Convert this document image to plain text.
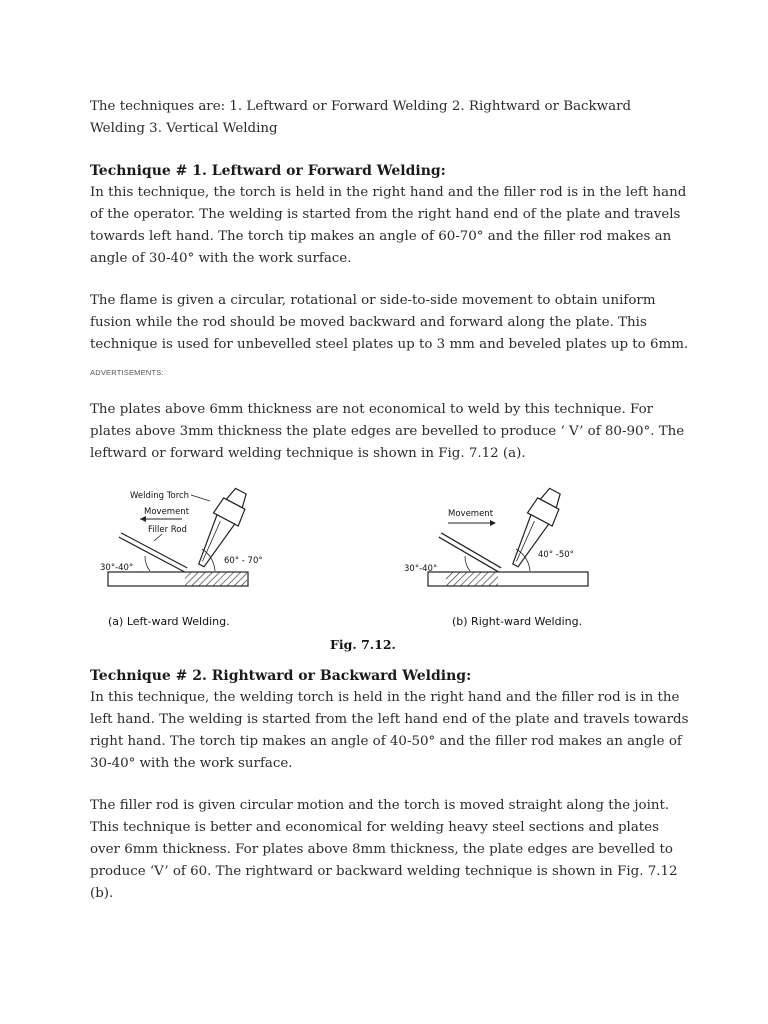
The techniques are: 1. Leftward or Forward Welding 2. Rightward or Backward Welding 3. Vertical Welding

Technique # 1. Leftward or Forward Welding:

In this technique, the torch is held in the right hand and the filler rod is in the left hand of the operator. The welding is started from the right hand end of the plate and travels towards left hand. The torch tip makes an angle of 60-70° and the filler rod makes an angle of 30-40° with the work surface.

The flame is given a circular, rotational or side-to-side movement to obtain uniform fusion while the rod should be moved backward and forward along the plate. This technique is used for unbevelled steel plates up to 3 mm and beveled plates up to 6mm.

ADVERTISEMENTS:

The plates above 6mm thickness are not economical to weld by this technique. For plates above 3mm thickness the plate edges are bevelled to produce ‘ V’ of 80-90°. The leftward or forward welding technique is shown in Fig. 7.12 (a).

Welding Torch
Movement
Filler Rod
60° - 70°
30°-40°
Movement
40° -50°
30°-40°
(a) Left-ward Welding.	(b) Right-ward Welding.
Fig. 7.12.
Technique # 2. Rightward or Backward Welding:

In this technique, the welding torch is held in the right hand and the filler rod is in the left hand. The welding is started from the left hand end of the plate and travels towards right hand. The torch tip makes an angle of 40-50° and the filler rod makes an angle of 30-40° with the work surface.

The filler rod is given circular motion and the torch is moved straight along the joint. This technique is better and economical for welding heavy steel sections and plates over 6mm thickness. For plates above 8mm thickness, the plate edges are bevelled to produce ‘V’ of 60. The rightward or backward welding technique is shown in Fig. 7.12 (b).
